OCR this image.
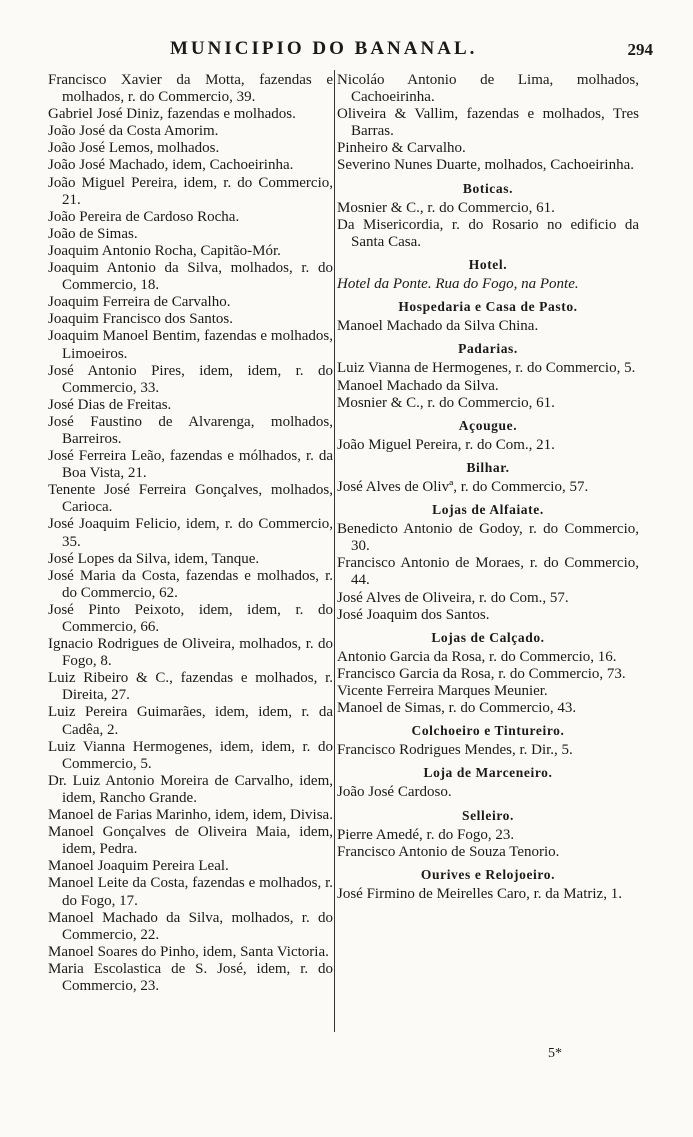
MUNICIPIO DO BANANAL.	294
Francisco Xavier da Motta, fazendas e molhados, r. do Commercio, 39.
Gabriel José Diniz, fazendas e molhados.
João José da Costa Amorim.
João José Lemos, molhados.
João José Machado, idem, Cachoeirinha.
João Miguel Pereira, idem, r. do Commercio, 21.
João Pereira de Cardoso Rocha.
João de Simas.
Joaquim Antonio Rocha, Capitão-Mór.
Joaquim Antonio da Silva, molhados, r. do Commercio, 18.
Joaquim Ferreira de Carvalho.
Joaquim Francisco dos Santos.
Joaquim Manoel Bentim, fazendas e molhados, Limoeiros.
José Antonio Pires, idem, idem, r. do Commercio, 33.
José Dias de Freitas.
José Faustino de Alvarenga, molhados, Barreiros.
José Ferreira Leão, fazendas e mólhados, r. da Boa Vista, 21.
Tenente José Ferreira Gonçalves, molhados, Carioca.
José Joaquim Felicio, idem, r. do Commercio, 35.
José Lopes da Silva, idem, Tanque.
José Maria da Costa, fazendas e molhados, r. do Commercio, 62.
José Pinto Peixoto, idem, idem, r. do Commercio, 66.
Ignacio Rodrigues de Oliveira, molhados, r. do Fogo, 8.
Luiz Ribeiro & C., fazendas e molhados, r. Direita, 27.
Luiz Pereira Guimarães, idem, idem, r. da Cadêa, 2.
Luiz Vianna Hermogenes, idem, idem, r. do Commercio, 5.
Dr. Luiz Antonio Moreira de Carvalho, idem, idem, Rancho Grande.
Manoel de Farias Marinho, idem, idem, Divisa.
Manoel Gonçalves de Oliveira Maia, idem, idem, Pedra.
Manoel Joaquim Pereira Leal.
Manoel Leite da Costa, fazendas e molhados, r. do Fogo, 17.
Manoel Machado da Silva, molhados, r. do Commercio, 22.
Manoel Soares do Pinho, idem, Santa Victoria.
Maria Escolastica de S. José, idem, r. do Commercio, 23.
Nicoláo Antonio de Lima, molhados, Cachoeirinha.
Oliveira & Vallim, fazendas e molhados, Tres Barras.
Pinheiro & Carvalho.
Severino Nunes Duarte, molhados, Cachoeirinha.
Boticas.
Mosnier & C., r. do Commercio, 61.
Da Misericordia, r. do Rosario no edificio da Santa Casa.
Hotel.
Hotel da Ponte. Rua do Fogo, na Ponte.
Hospedaria e Casa de Pasto.
Manoel Machado da Silva China.
Padarias.
Luiz Vianna de Hermogenes, r. do Commercio, 5.
Manoel Machado da Silva.
Mosnier & C., r. do Commercio, 61.
Açougue.
João Miguel Pereira, r. do Com., 21.
Bilhar.
José Alves de Olivª, r. do Commercio, 57.
Lojas de Alfaiate.
Benedicto Antonio de Godoy, r. do Commercio, 30.
Francisco Antonio de Moraes, r. do Commercio, 44.
José Alves de Oliveira, r. do Com., 57.
José Joaquim dos Santos.
Lojas de Calçado.
Antonio Garcia da Rosa, r. do Commercio, 16.
Francisco Garcia da Rosa, r. do Commercio, 73.
Vicente Ferreira Marques Meunier.
Manoel de Simas, r. do Commercio, 43.
Colchoeiro e Tintureiro.
Francisco Rodrigues Mendes, r. Dir., 5.
Loja de Marceneiro.
João José Cardoso.
Selleiro.
Pierre Amedé, r. do Fogo, 23.
Francisco Antonio de Souza Tenorio.
Ourives e Relojoeiro.
José Firmino de Meirelles Caro, r. da Matriz, 1.
5*
